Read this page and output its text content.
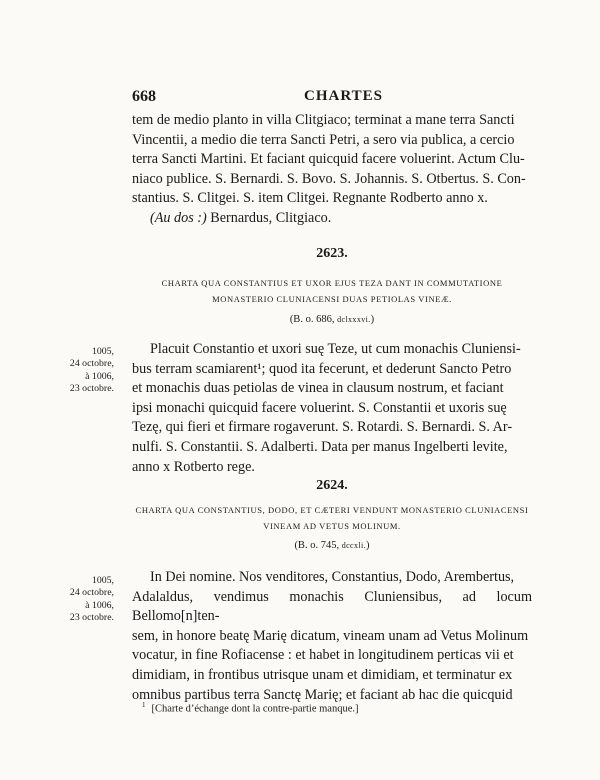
668	CHARTES

tem de medio planto in villa Clitgiaco; terminat a mane terra Sancti

Vincentii, a medio die terra Sancti Petri, a sero via publica, a cercio

terra Sancti Martini. Et faciant quicquid facere voluerint. Actum Clu-

niaco publice. S. Bernardi. S. Bovo. S. Johannis. S. Otbertus. S. Con-

stantius. S. Clitgei. S. item Clitgei. Regnante Rodberto anno x.

(Au dos :) Bernardus, Clitgiaco.

2623.
CHARTA QUA CONSTANTIUS ET UXOR EJUS TEZA DANT IN COMMUTATIONE
MONASTERIO CLUNIACENSI DUAS PETIOLAS VINEÆ.
(B. o. 686, dclxxxvi.)
1005,
24 octobre,
à 1006,
23 octobre.

Placuit Constantio et uxori suę Teze, ut cum monachis Cluniensi-

bus terram scamiarent¹; quod ita fecerunt, et dederunt Sancto Petro

et monachis duas petiolas de vinea in clausum nostrum, et faciant

ipsi monachi quicquid facere voluerint. S. Constantii et uxoris suę

Tezę, qui fieri et firmare rogaverunt. S. Rotardi. S. Bernardi. S. Ar-

nulfi. S. Constantii. S. Adalberti. Data per manus Ingelberti levite,

anno x Rotberto rege.

2624.
CHARTA QUA CONSTANTIUS, DODO, ET CÆTERI VENDUNT MONASTERIO CLUNIACENSI
VINEAM AD VETUS MOLINUM.
(B. o. 745, dccxli.)
1005,
24 octobre,
à 1006,
23 octobre.

In Dei nomine. Nos venditores, Constantius, Dodo, Arembertus,

Adalaldus, vendimus monachis Cluniensibus, ad locum Bellomo[n]ten-

sem, in honore beatę Marię dicatum, vineam unam ad Vetus Molinum

vocatur, in fine Rofiacense : et habet in longitudinem perticas vii et

dimidiam, in frontibus utrisque unam et dimidiam, et terminatur ex

omnibus partibus terra Sanctę Marię; et faciant ab hac die quicquid

$^1$ [Charte d’échange dont la contre-partie manque.]
